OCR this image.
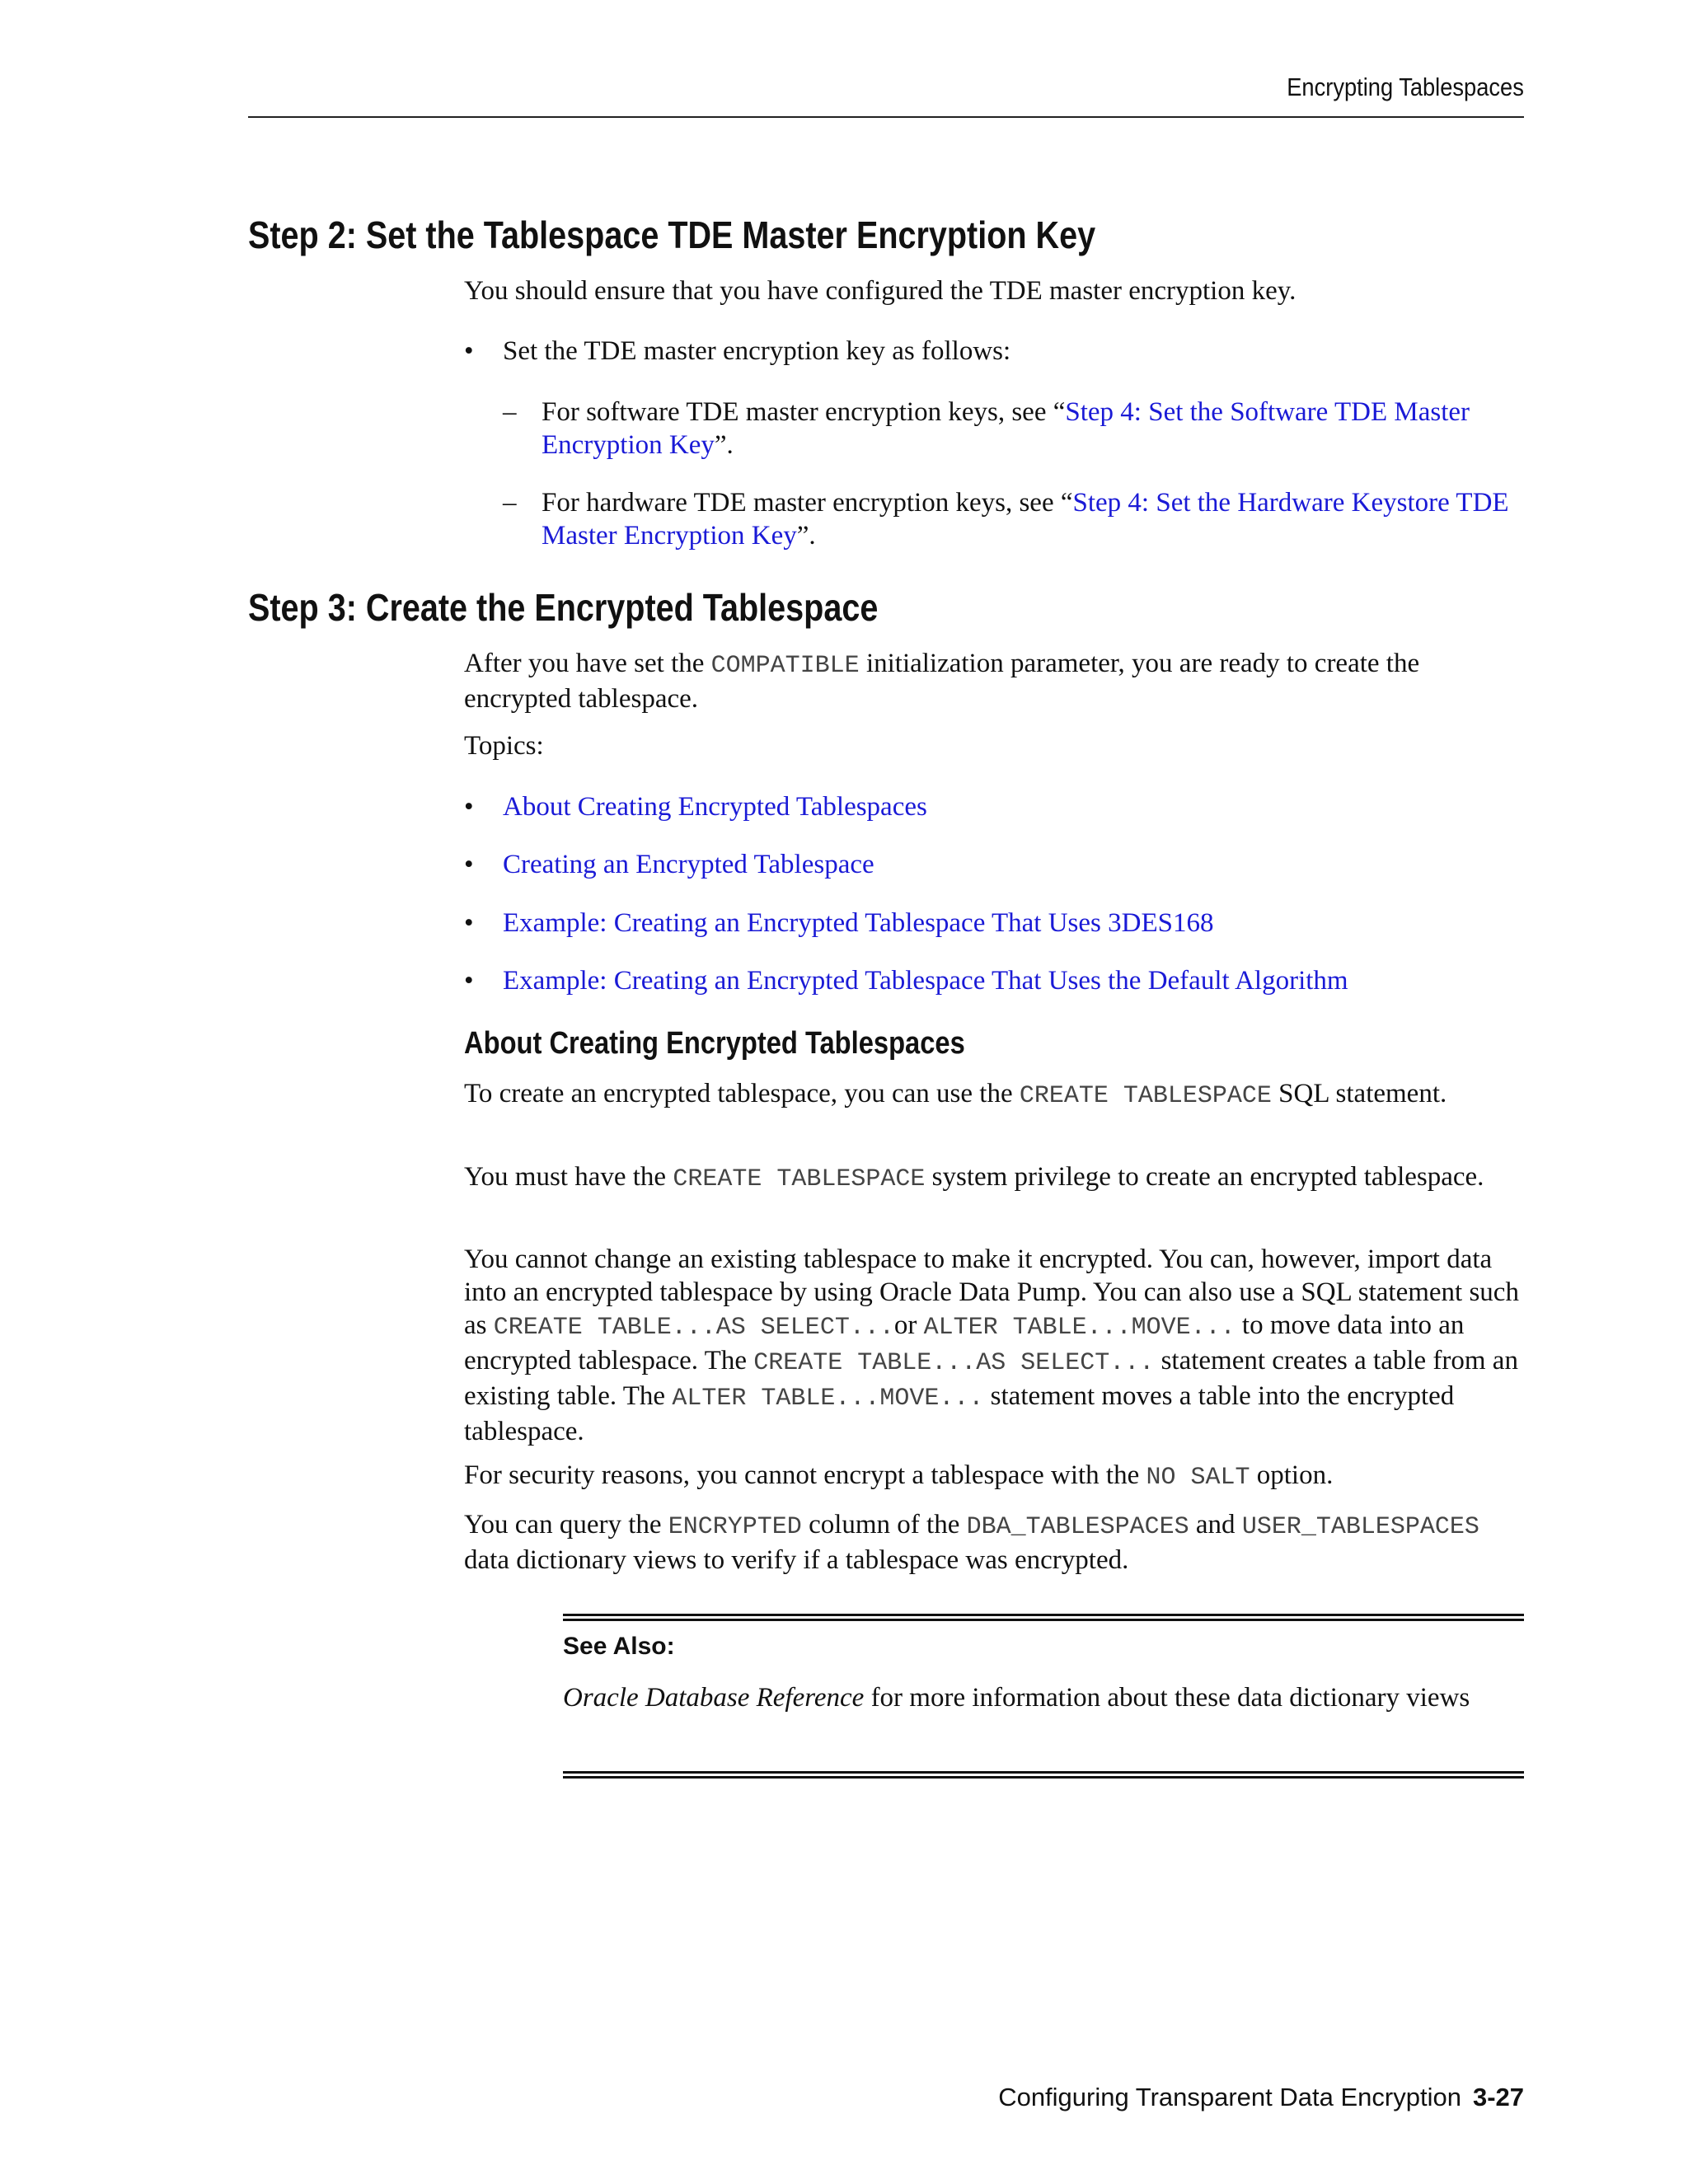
Encrypting Tablespaces
Step 2: Set the Tablespace TDE Master Encryption Key

You should ensure that you have configured the TDE master encryption key.

•	Set the TDE master encryption key as follows:
– For software TDE master encryption keys, see “Step 4: Set the Software TDE Master Encryption Key”.
– For hardware TDE master encryption keys, see “Step 4: Set the Hardware Keystore TDE Master Encryption Key”.
Step 3: Create the Encrypted Tablespace

After you have set the COMPATIBLE initialization parameter, you are ready to create the encrypted tablespace.

Topics:

•	About Creating Encrypted Tablespaces
•	Creating an Encrypted Tablespace
•	Example: Creating an Encrypted Tablespace That Uses 3DES168
•	Example: Creating an Encrypted Tablespace That Uses the Default Algorithm
About Creating Encrypted Tablespaces

To create an encrypted tablespace, you can use the CREATE TABLESPACE SQL statement.

You must have the CREATE TABLESPACE system privilege to create an encrypted tablespace.

You cannot change an existing tablespace to make it encrypted. You can, however, import data into an encrypted tablespace by using Oracle Data Pump. You can also use a SQL statement such as CREATE TABLE...AS SELECT...or ALTER TABLE...MOVE... to move data into an encrypted tablespace. The CREATE TABLE...AS SELECT... statement creates a table from an existing table. The ALTER TABLE...MOVE... statement moves a table into the encrypted tablespace.

For security reasons, you cannot encrypt a tablespace with the NO SALT option.

You can query the ENCRYPTED column of the DBA_TABLESPACES and USER_TABLESPACES data dictionary views to verify if a tablespace was encrypted.

See Also:
Oracle Database Reference for more information about these data dictionary views
Configuring Transparent Data Encryption 3-27
